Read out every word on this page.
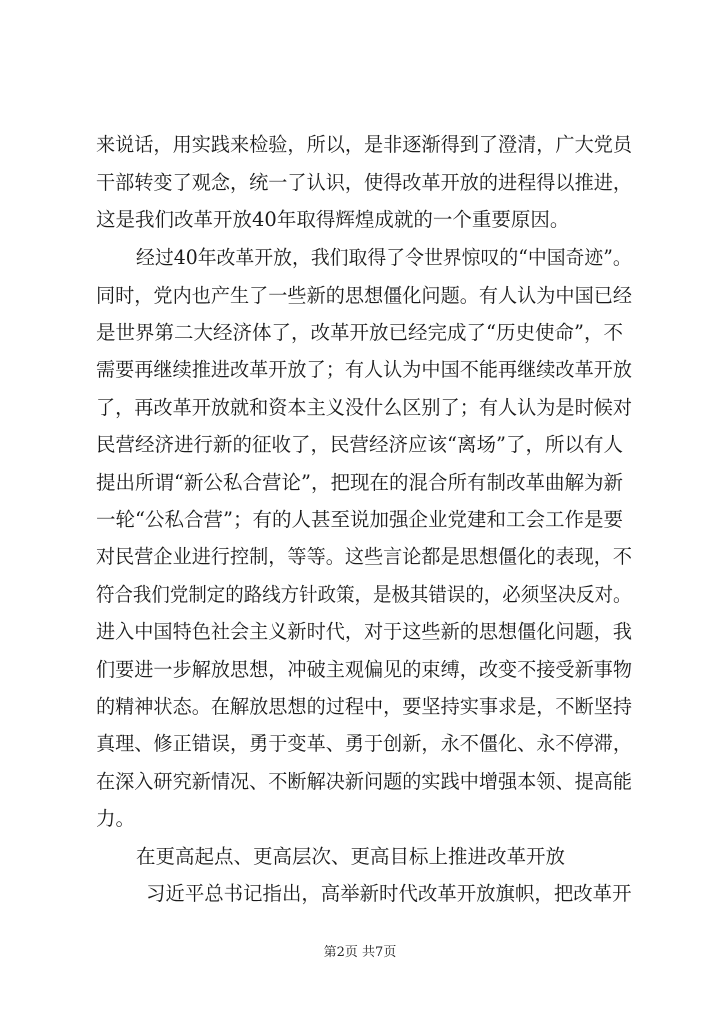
来说话，用实践来检验，所以，是非逐渐得到了澄清，广大党员

干部转变了观念，统一了认识，使得改革开放的进程得以推进，

这是我们改革开放40年取得辉煌成就的一个重要原因。

经过40年改革开放，我们取得了令世界惊叹的“中国奇迹”。

同时，党内也产生了一些新的思想僵化问题。有人认为中国已经

是世界第二大经济体了，改革开放已经完成了“历史使命”，不

需要再继续推进改革开放了；有人认为中国不能再继续改革开放

了，再改革开放就和资本主义没什么区别了；有人认为是时候对

民营经济进行新的征收了，民营经济应该“离场”了，所以有人

提出所谓“新公私合营论”，把现在的混合所有制改革曲解为新

一轮“公私合营”；有的人甚至说加强企业党建和工会工作是要

对民营企业进行控制，等等。这些言论都是思想僵化的表现，不

符合我们党制定的路线方针政策，是极其错误的，必须坚决反对。

进入中国特色社会主义新时代，对于这些新的思想僵化问题，我

们要进一步解放思想，冲破主观偏见的束缚，改变不接受新事物

的精神状态。在解放思想的过程中，要坚持实事求是，不断坚持

真理、修正错误，勇于变革、勇于创新，永不僵化、永不停滞，

在深入研究新情况、不断解决新问题的实践中增强本领、提高能

力。

在更高起点、更高层次、更高目标上推进改革开放

习近平总书记指出，高举新时代改革开放旗帜，把改革开

第2页 共7页
